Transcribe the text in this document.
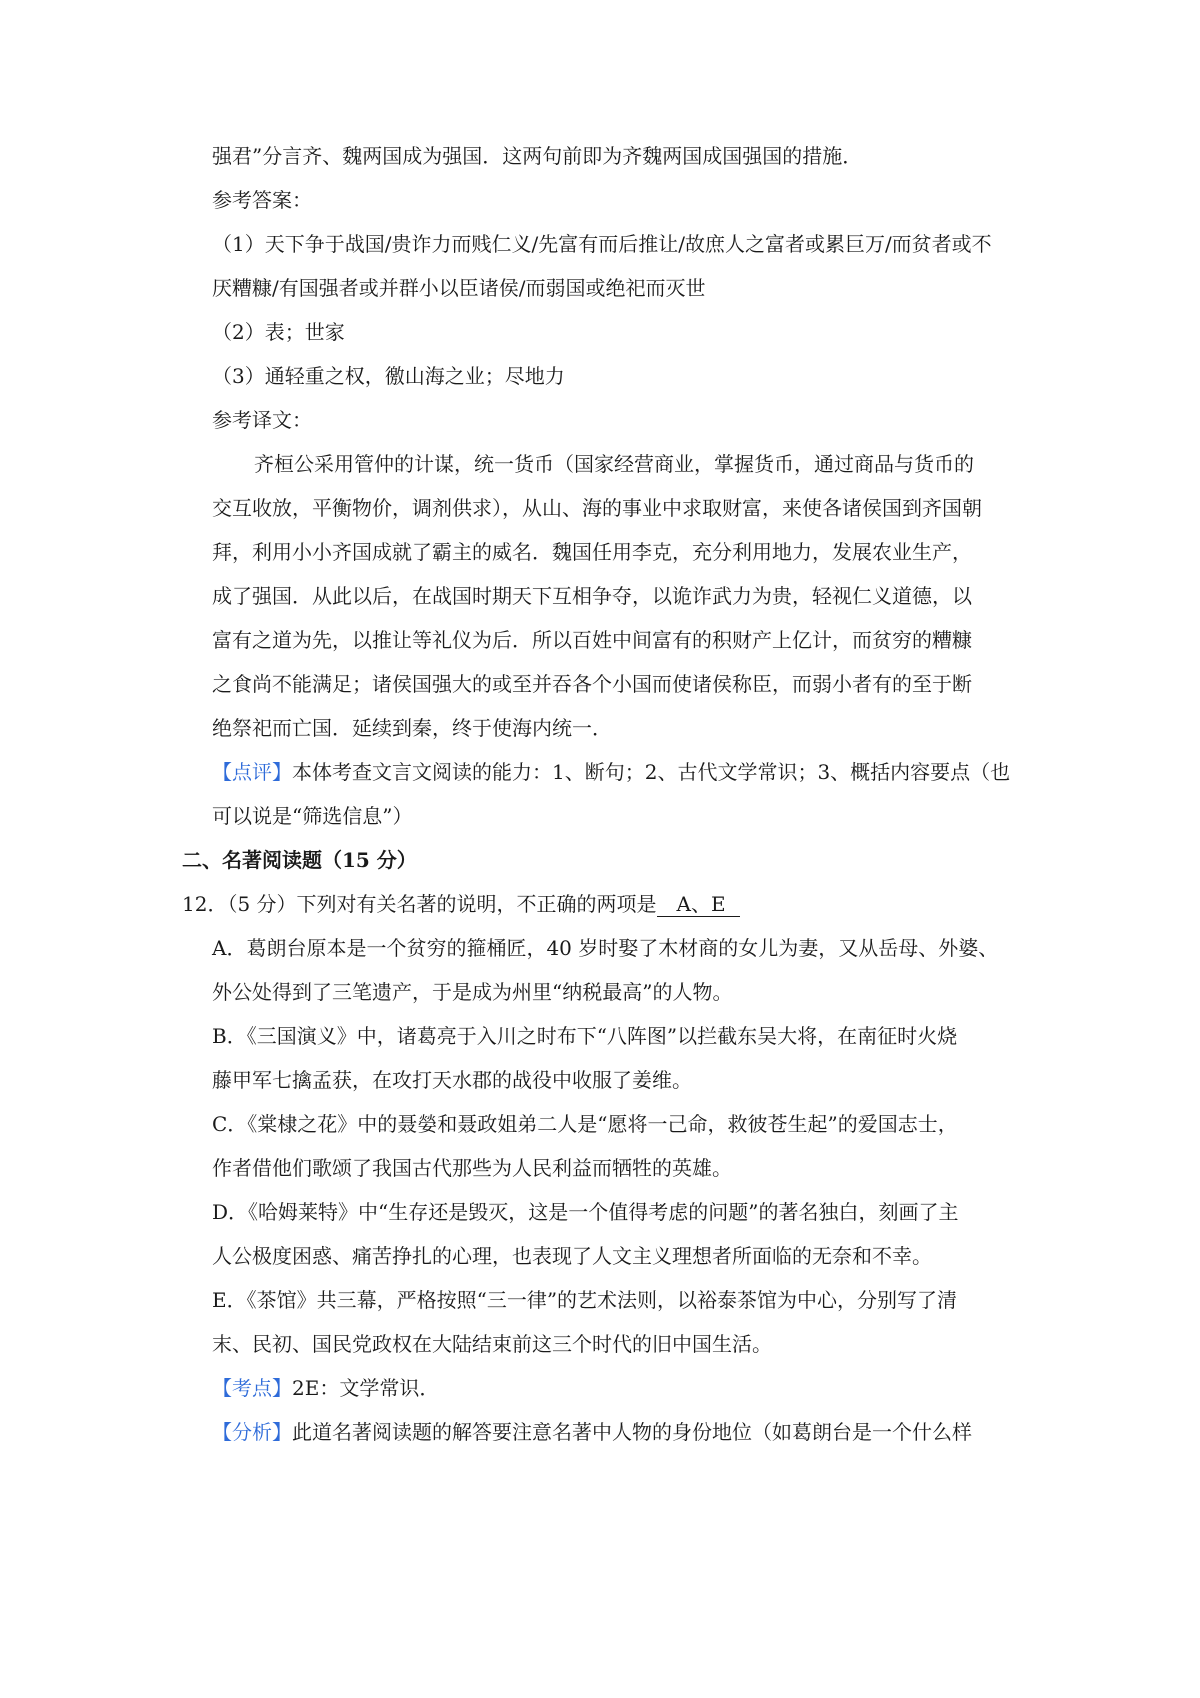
强君”分言齐、魏两国成为强国．这两句前即为齐魏两国成国强国的措施．
参考答案：
（1）天下争于战国/贵诈力而贱仁义/先富有而后推让/故庶人之富者或累巨万/而贫者或不
厌糟糠/有国强者或并群小以臣诸侯/而弱国或绝祀而灭世
（2）表；世家
（3）通轻重之权，徼山海之业；尽地力
参考译文：
齐桓公采用管仲的计谋，统一货币（国家经营商业，掌握货币，通过商品与货币的
交互收放，平衡物价，调剂供求），从山、海的事业中求取财富，来使各诸侯国到齐国朝
拜，利用小小齐国成就了霸主的威名．魏国任用李克，充分利用地力，发展农业生产，
成了强国．从此以后，在战国时期天下互相争夺，以诡诈武力为贵，轻视仁义道德，以
富有之道为先，以推让等礼仪为后．所以百姓中间富有的积财产上亿计，而贫穷的糟糠
之食尚不能满足；诸侯国强大的或至并吞各个小国而使诸侯称臣，而弱小者有的至于断
绝祭祀而亡国．延续到秦，终于使海内统一．
【点评】本体考查文言文阅读的能力：1、断句；2、古代文学常识；3、概括内容要点（也
可以说是“筛选信息”）
二、名著阅读题（15 分）
12．（5 分）下列对有关名著的说明，不正确的两项是 A、E
A．葛朗台原本是一个贫穷的箍桶匠，40 岁时娶了木材商的女儿为妻，又从岳母、外婆、
外公处得到了三笔遗产，于是成为州里“纳税最高”的人物。
B．《三国演义》中，诸葛亮于入川之时布下“八阵图”以拦截东吴大将，在南征时火烧
藤甲军七擒孟获，在攻打天水郡的战役中收服了姜维。
C．《棠棣之花》中的聂嫈和聂政姐弟二人是“愿将一己命，救彼苍生起”的爱国志士，
作者借他们歌颂了我国古代那些为人民利益而牺牲的英雄。
D．《哈姆莱特》中“生存还是毁灭，这是一个值得考虑的问题”的著名独白，刻画了主
人公极度困惑、痛苦挣扎的心理，也表现了人文主义理想者所面临的无奈和不幸。
E．《茶馆》共三幕，严格按照“三一律”的艺术法则，以裕泰茶馆为中心，分别写了清
末、民初、国民党政权在大陆结束前这三个时代的旧中国生活。
【考点】2E：文学常识．
【分析】此道名著阅读题的解答要注意名著中人物的身份地位（如葛朗台是一个什么样
